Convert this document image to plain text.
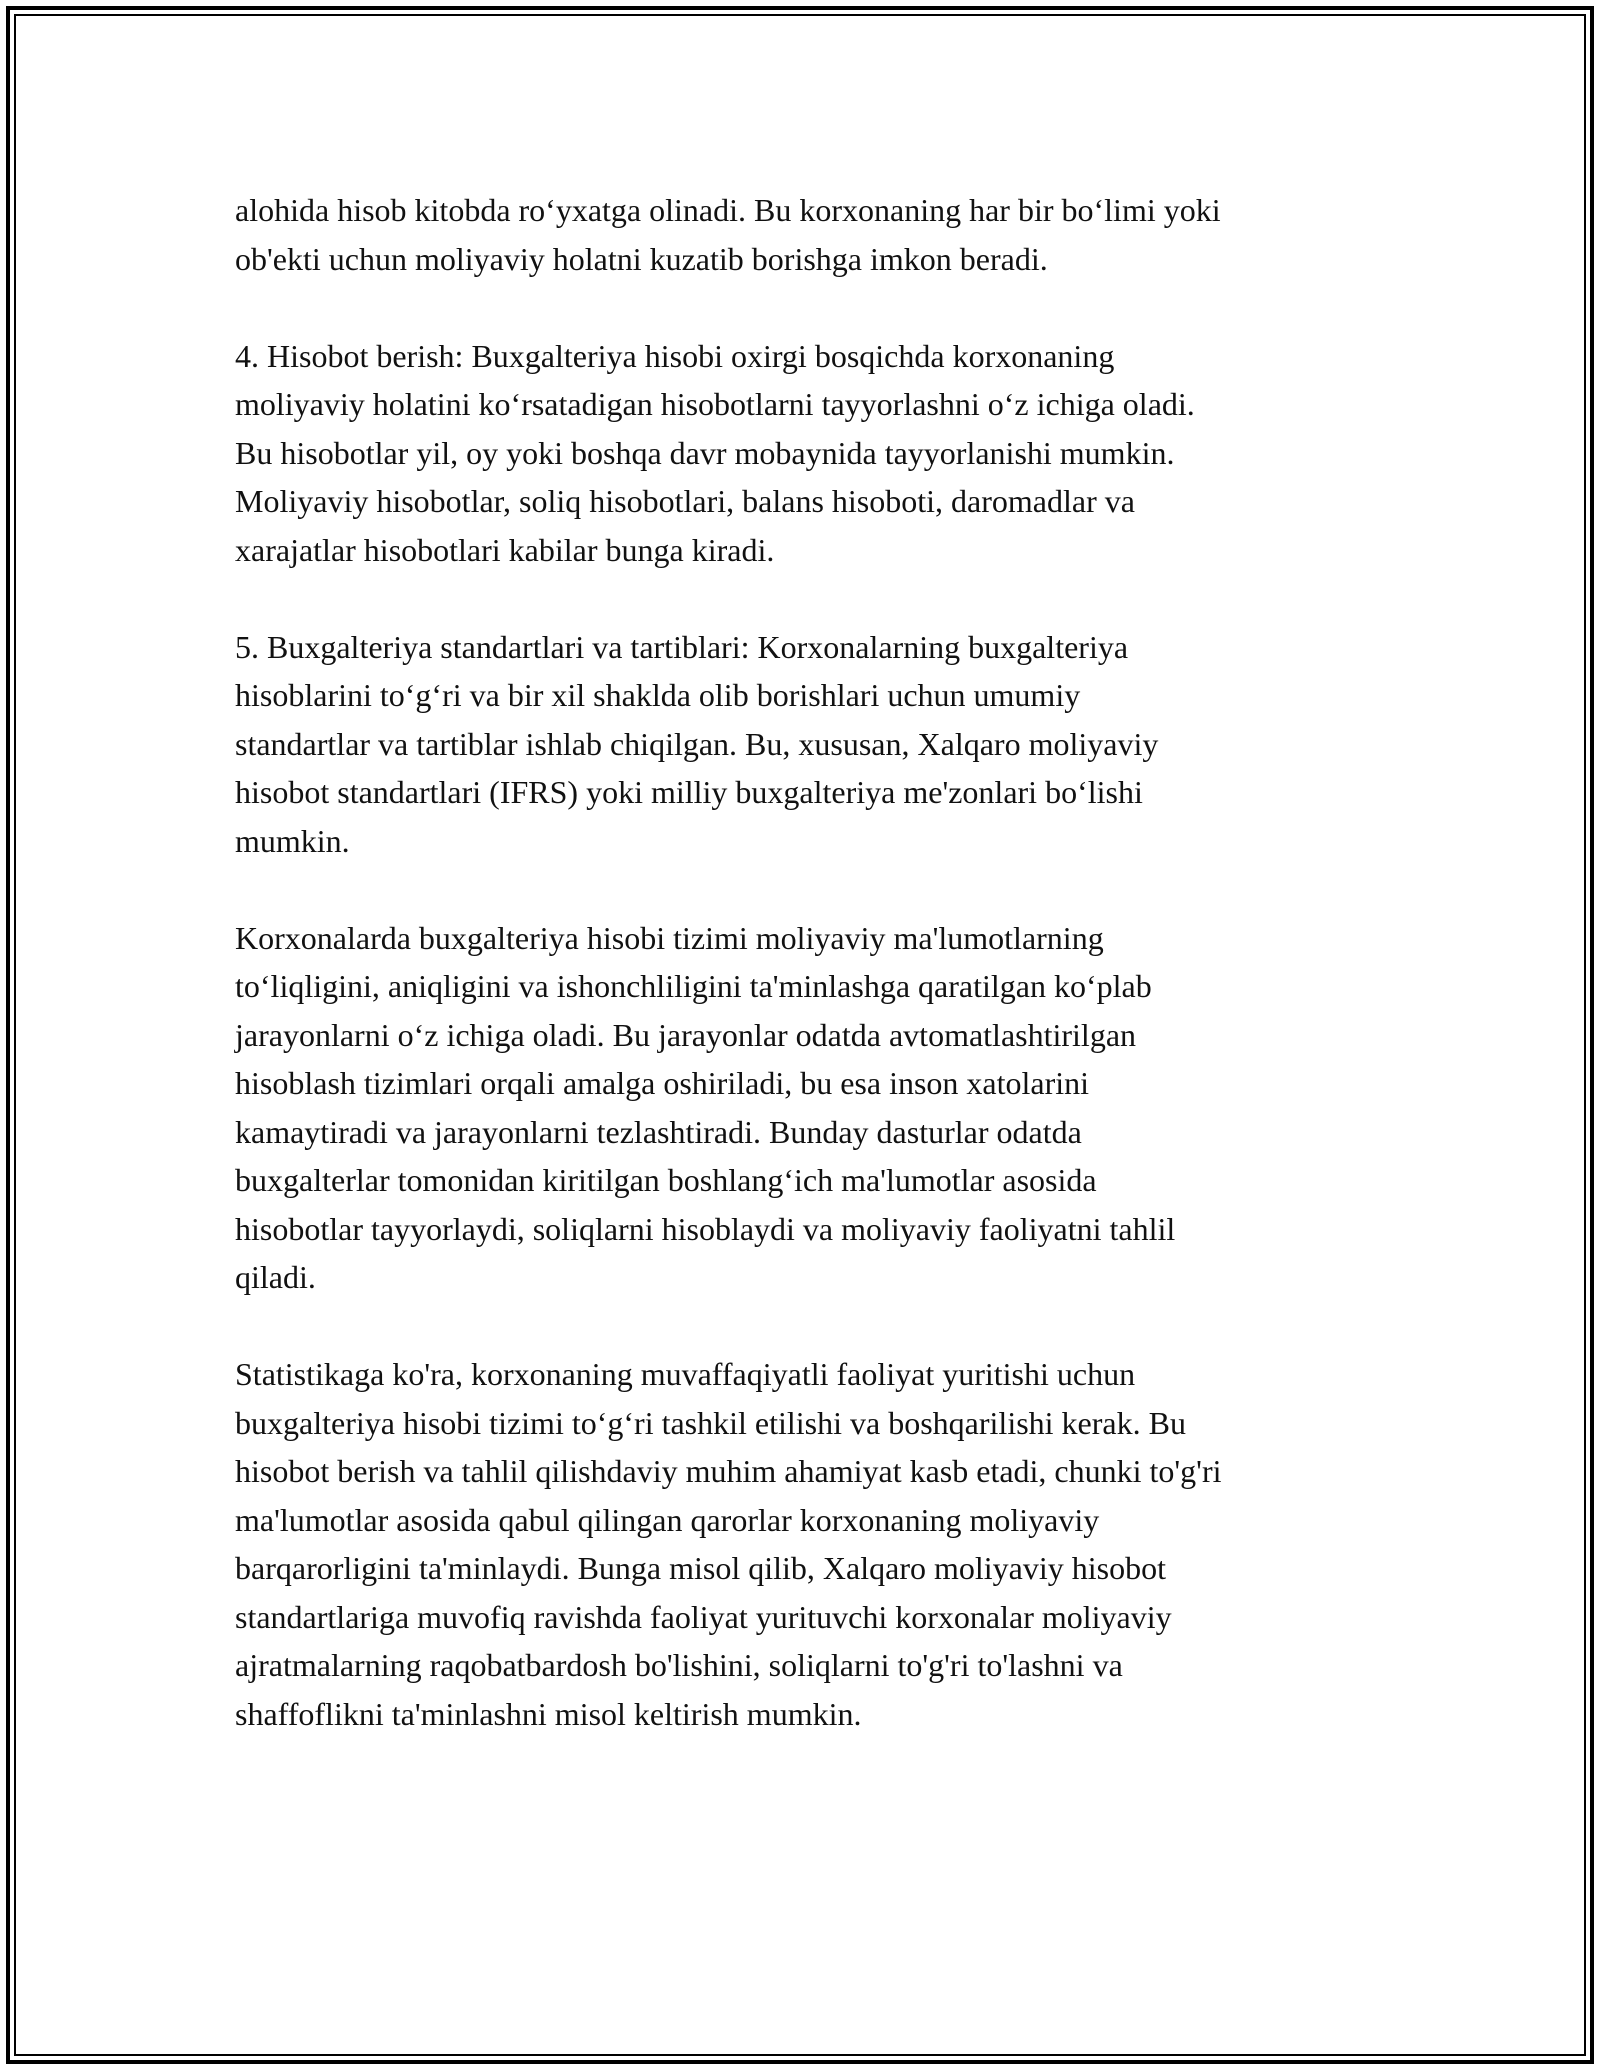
alohida hisob kitobda ro‘yxatga olinadi. Bu korxonaning har bir bo‘limi yoki
ob'ekti uchun moliyaviy holatni kuzatib borishga imkon beradi.

4. Hisobot berish: Buxgalteriya hisobi oxirgi bosqichda korxonaning
moliyaviy holatini ko‘rsatadigan hisobotlarni tayyorlashni o‘z ichiga oladi.
Bu hisobotlar yil, oy yoki boshqa davr mobaynida tayyorlanishi mumkin.
Moliyaviy hisobotlar, soliq hisobotlari, balans hisoboti, daromadlar va
xarajatlar hisobotlari kabilar bunga kiradi.

5. Buxgalteriya standartlari va tartiblari: Korxonalarning buxgalteriya
hisoblarini to‘g‘ri va bir xil shaklda olib borishlari uchun umumiy
standartlar va tartiblar ishlab chiqilgan. Bu, xususan, Xalqaro moliyaviy
hisobot standartlari (IFRS) yoki milliy buxgalteriya me'zonlari bo‘lishi
mumkin.

Korxonalarda buxgalteriya hisobi tizimi moliyaviy ma'lumotlarning
to‘liqligini, aniqligini va ishonchliligini ta'minlashga qaratilgan ko‘plab
jarayonlarni o‘z ichiga oladi. Bu jarayonlar odatda avtomatlashtirilgan
hisoblash tizimlari orqali amalga oshiriladi, bu esa inson xatolarini
kamaytiradi va jarayonlarni tezlashtiradi. Bunday dasturlar odatda
buxgalterlar tomonidan kiritilgan boshlang‘ich ma'lumotlar asosida
hisobotlar tayyorlaydi, soliqlarni hisoblaydi va moliyaviy faoliyatni tahlil
qiladi.

Statistikaga ko'ra, korxonaning muvaffaqiyatli faoliyat yuritishi uchun
buxgalteriya hisobi tizimi to‘g‘ri tashkil etilishi va boshqarilishi kerak. Bu
hisobot berish va tahlil qilishdaviy muhim ahamiyat kasb etadi, chunki to'g'ri
ma'lumotlar asosida qabul qilingan qarorlar korxonaning moliyaviy
barqarorligini ta'minlaydi. Bunga misol qilib, Xalqaro moliyaviy hisobot
standartlariga muvofiq ravishda faoliyat yurituvchi korxonalar moliyaviy
ajratmalarning raqobatbardosh bo'lishini, soliqlarni to'g'ri to'lashni va
shaffoflikni ta'minlashni misol keltirish mumkin.
